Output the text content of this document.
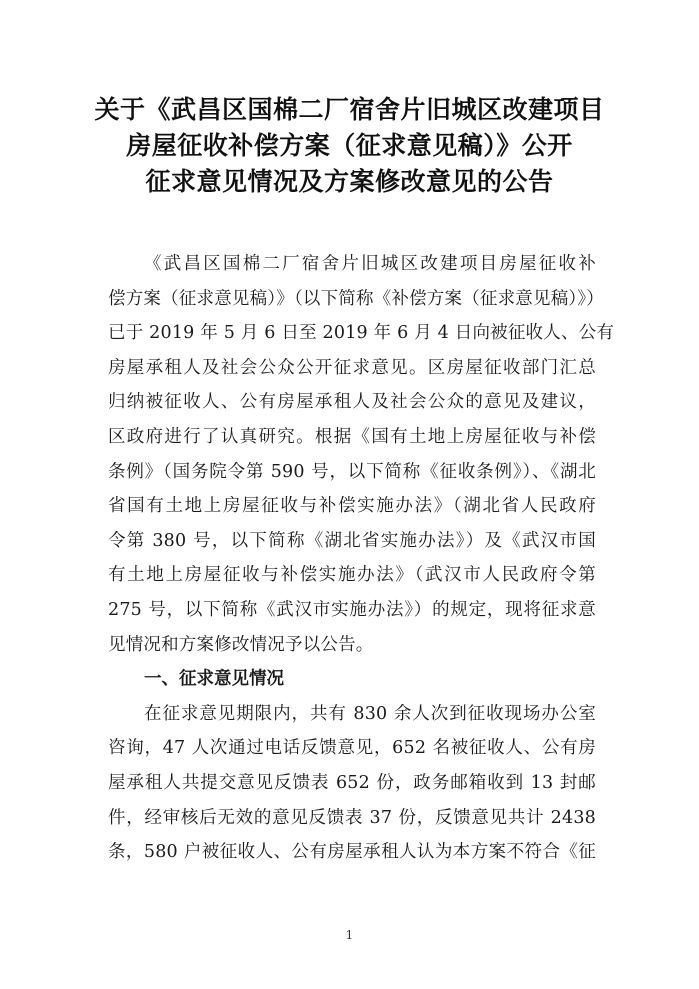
关于《武昌区国棉二厂宿舍片旧城区改建项目
房屋征收补偿方案（征求意见稿）》公开
征求意见情况及方案修改意见的公告
《武昌区国棉二厂宿舍片旧城区改建项目房屋征收补
偿方案（征求意见稿）》（以下简称《补偿方案（征求意见稿）》）
已于 2019 年 5 月 6 日至 2019 年 6 月 4 日向被征收人、公有
房屋承租人及社会公众公开征求意见。区房屋征收部门汇总
归纳被征收人、公有房屋承租人及社会公众的意见及建议，
区政府进行了认真研究。根据《国有土地上房屋征收与补偿
条例》（国务院令第 590 号，以下简称《征收条例》）、《湖北
省国有土地上房屋征收与补偿实施办法》（湖北省人民政府
令第 380 号，以下简称《湖北省实施办法》）及《武汉市国
有土地上房屋征收与补偿实施办法》（武汉市人民政府令第
275 号，以下简称《武汉市实施办法》）的规定，现将征求意
见情况和方案修改情况予以公告。
一、征求意见情况
在征求意见期限内，共有 830 余人次到征收现场办公室
咨询，47 人次通过电话反馈意见，652 名被征收人、公有房
屋承租人共提交意见反馈表 652 份，政务邮箱收到 13 封邮
件，经审核后无效的意见反馈表 37 份，反馈意见共计 2438
条，580 户被征收人、公有房屋承租人认为本方案不符合《征
1
